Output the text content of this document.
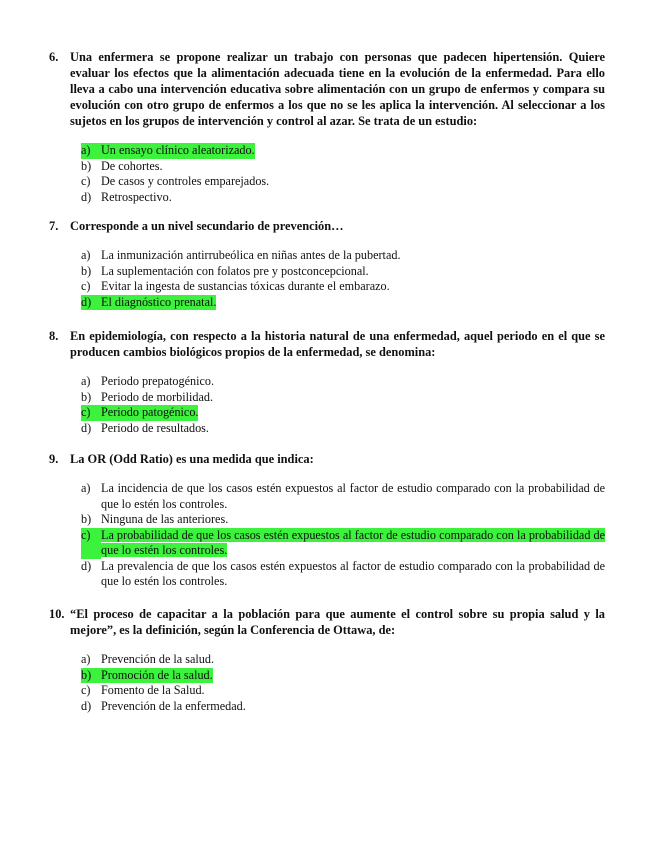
6. Una enfermera se propone realizar un trabajo con personas que padecen hipertensión. Quiere evaluar los efectos que la alimentación adecuada tiene en la evolución de la enfermedad. Para ello lleva a cabo una intervención educativa sobre alimentación con un grupo de enfermos y compara su evolución con otro grupo de enfermos a los que no se les aplica la intervención. Al seleccionar a los sujetos en los grupos de intervención y control al azar. Se trata de un estudio:
a) Un ensayo clínico aleatorizado.
b) De cohortes.
c) De casos y controles emparejados.
d) Retrospectivo.
7. Corresponde a un nivel secundario de prevención…
a) La inmunización antirrubeólica en niñas antes de la pubertad.
b) La suplementación con folatos pre y postconcepcional.
c) Evitar la ingesta de sustancias tóxicas durante el embarazo.
d) El diagnóstico prenatal.
8. En epidemiología, con respecto a la historia natural de una enfermedad, aquel periodo en el que se producen cambios biológicos propios de la enfermedad, se denomina:
a) Periodo prepatogénico.
b) Periodo de morbilidad.
c) Periodo patogénico.
d) Periodo de resultados.
9. La OR (Odd Ratio) es una medida que indica:
a) La incidencia de que los casos estén expuestos al factor de estudio comparado con la probabilidad de que lo estén los controles.
b) Ninguna de las anteriores.
c) La probabilidad de que los casos estén expuestos al factor de estudio comparado con la probabilidad de que lo estén los controles.
d) La prevalencia de que los casos estén expuestos al factor de estudio comparado con la probabilidad de que lo estén los controles.
10. “El proceso de capacitar a la población para que aumente el control sobre su propia salud y la mejore”, es la definición, según la Conferencia de Ottawa, de:
a) Prevención de la salud.
b) Promoción de la salud.
c) Fomento de la Salud.
d) Prevención de la enfermedad.
